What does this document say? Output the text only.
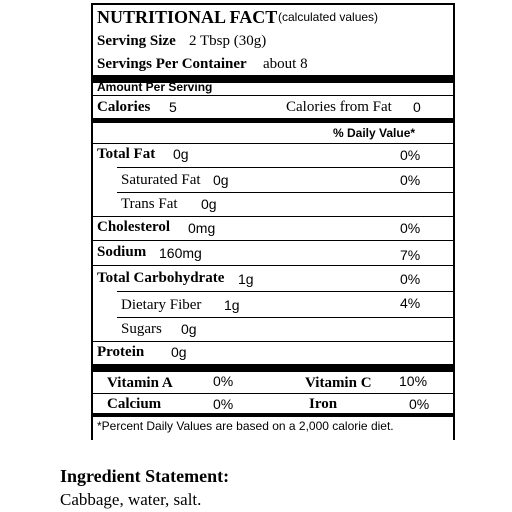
NUTRITIONAL FACT (calculated values)
Serving Size 2 Tbsp (30g)
Servings Per Container about 8
Amount Per Serving
Calories 5	Calories from Fat 0
% Daily Value*
Total Fat 0g	0%
Saturated Fat 0g	0%
Trans Fat 0g
Cholesterol 0mg	0%
Sodium 160mg	7%
Total Carbohydrate 1g	0%
Dietary Fiber 1g	4%
Sugars 0g
Protein 0g
Vitamin A	0%	Vitamin C 10%
Calcium	0%	Iron	0%
*Percent Daily Values are based on a 2,000 calorie diet.
Ingredient Statement:
Cabbage, water, salt.
